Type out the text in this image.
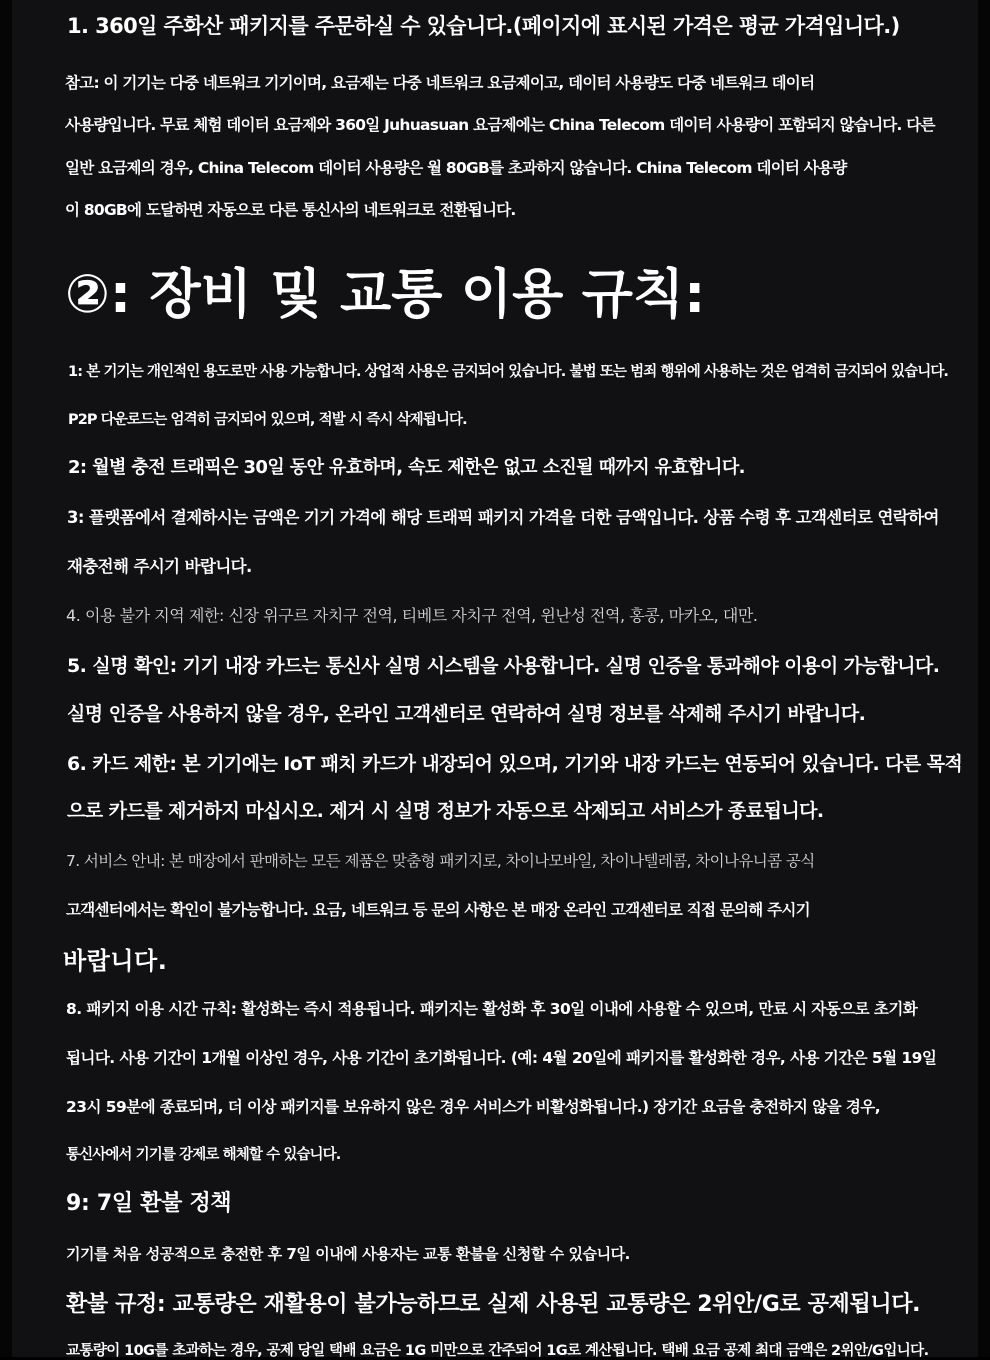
1. 360일 주화산 패키지를 주문하실 수 있습니다.(페이지에 표시된 가격은 평균 가격입니다.)
참고: 이 기기는 다중 네트워크 기기이며, 요금제는 다중 네트워크 요금제이고, 데이터 사용량도 다중 네트워크 데이터
사용량입니다. 무료 체험 데이터 요금제와 360일 Juhuasuan 요금제에는 China Telecom 데이터 사용량이 포함되지 않습니다. 다른
일반 요금제의 경우, China Telecom 데이터 사용량은 월 80GB를 초과하지 않습니다. China Telecom 데이터 사용량
이 80GB에 도달하면 자동으로 다른 통신사의 네트워크로 전환됩니다.
②: 장비 및 교통 이용 규칙:
1: 본 기기는 개인적인 용도로만 사용 가능합니다. 상업적 사용은 금지되어 있습니다. 불법 또는 범죄 행위에 사용하는 것은 엄격히 금지되어 있습니다.
P2P 다운로드는 엄격히 금지되어 있으며, 적발 시 즉시 삭제됩니다.
2: 월별 충전 트래픽은 30일 동안 유효하며, 속도 제한은 없고 소진될 때까지 유효합니다.
3: 플랫폼에서 결제하시는 금액은 기기 가격에 해당 트래픽 패키지 가격을 더한 금액입니다. 상품 수령 후 고객센터로 연락하여
재충전해 주시기 바랍니다.
4. 이용 불가 지역 제한: 신장 위구르 자치구 전역, 티베트 자치구 전역, 윈난성 전역, 홍콩, 마카오, 대만.
5. 실명 확인: 기기 내장 카드는 통신사 실명 시스템을 사용합니다. 실명 인증을 통과해야 이용이 가능합니다.
실명 인증을 사용하지 않을 경우, 온라인 고객센터로 연락하여 실명 정보를 삭제해 주시기 바랍니다.
6. 카드 제한: 본 기기에는 IoT 패치 카드가 내장되어 있으며, 기기와 내장 카드는 연동되어 있습니다. 다른 목적
으로 카드를 제거하지 마십시오. 제거 시 실명 정보가 자동으로 삭제되고 서비스가 종료됩니다.
7. 서비스 안내: 본 매장에서 판매하는 모든 제품은 맞춤형 패키지로, 차이나모바일, 차이나텔레콤, 차이나유니콤 공식
고객센터에서는 확인이 불가능합니다. 요금, 네트워크 등 문의 사항은 본 매장 온라인 고객센터로 직접 문의해 주시기
바랍니다.
8. 패키지 이용 시간 규칙: 활성화는 즉시 적용됩니다. 패키지는 활성화 후 30일 이내에 사용할 수 있으며, 만료 시 자동으로 초기화
됩니다. 사용 기간이 1개월 이상인 경우, 사용 기간이 초기화됩니다. (예: 4월 20일에 패키지를 활성화한 경우, 사용 기간은 5월 19일
23시 59분에 종료되며, 더 이상 패키지를 보유하지 않은 경우 서비스가 비활성화됩니다.) 장기간 요금을 충전하지 않을 경우,
통신사에서 기기를 강제로 해체할 수 있습니다.
9: 7일 환불 정책
기기를 처음 성공적으로 충전한 후 7일 이내에 사용자는 교통 환불을 신청할 수 있습니다.
환불 규정: 교통량은 재활용이 불가능하므로 실제 사용된 교통량은 2위안/G로 공제됩니다.
교통량이 10G를 초과하는 경우, 공제 당일 택배 요금은 1G 미만으로 간주되어 1G로 계산됩니다. 택배 요금 공제 최대 금액은 2위안/G입니다.
